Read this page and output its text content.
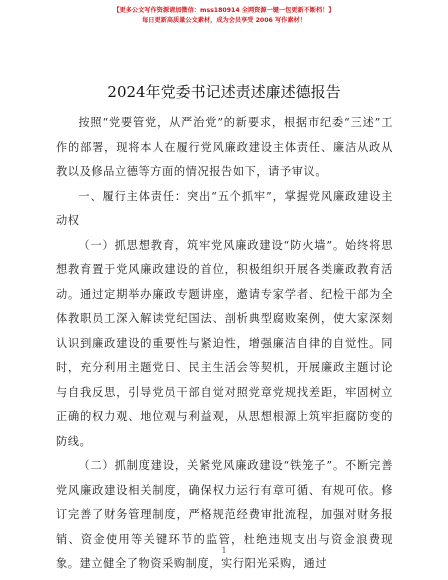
【更多公文写作资源请加微信：mss180914 全网资源一键一包更新不断档！】
每日更新高质量公文素材，成为会员享受 2006 写作素材！
2024年党委书记述责述廉述德报告

按照“党要管党，从严治党”的新要求，根据市纪委“三述”工作的部署，现将本人在履行党风廉政建设主体责任、廉洁从政从教以及修品立德等方面的情况报告如下，请予审议。

一、履行主体责任：突出“五个抓牢”，掌握党风廉政建设主动权

（一）抓思想教育，筑牢党风廉政建设“防火墙”。始终将思想教育置于党风廉政建设的首位，积极组织开展各类廉政教育活动。通过定期举办廉政专题讲座，邀请专家学者、纪检干部为全体教职员工深入解读党纪国法、剖析典型腐败案例，使大家深刻认识到廉政建设的重要性与紧迫性，增强廉洁自律的自觉性。同时，充分利用主题党日、民主生活会等契机，开展廉政主题讨论与自我反思，引导党员干部自觉对照党章党规找差距，牢固树立正确的权力观、地位观与利益观，从思想根源上筑牢拒腐防变的防线。

（二）抓制度建设，关紧党风廉政建设“铁笼子”。不断完善党风廉政建设相关制度，确保权力运行有章可循、有规可依。修订完善了财务管理制度，严格规范经费审批流程，加强对财务报销、资金使用等关键环节的监管，杜绝违规支出与资金浪费现象。建立健全了物资采购制度，实行阳光采购，通过

1
